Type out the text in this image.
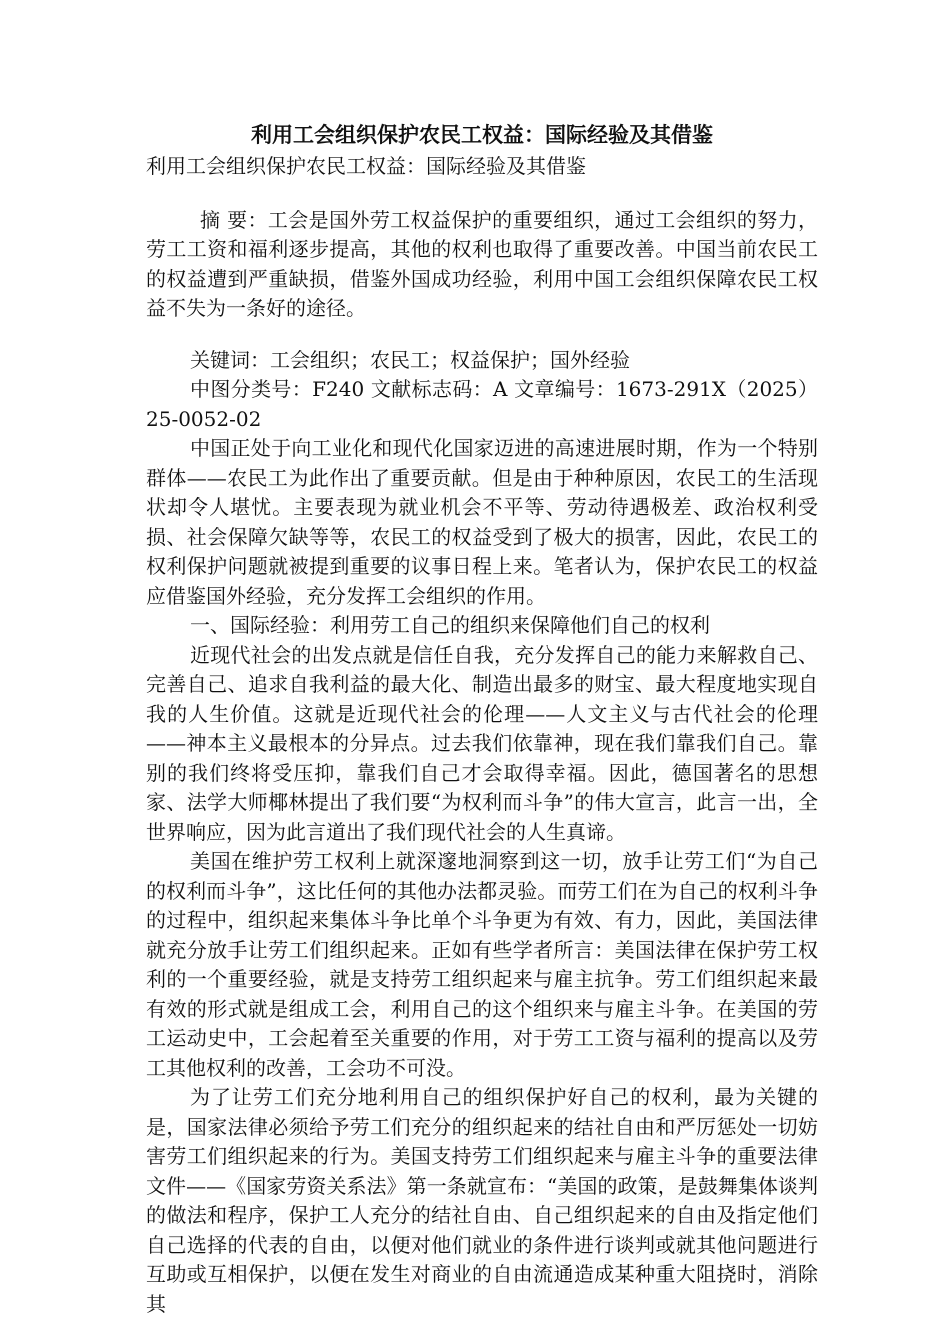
利用工会组织保护农民工权益：国际经验及其借鉴

利用工会组织保护农民工权益：国际经验及其借鉴

摘 要：工会是国外劳工权益保护的重要组织，通过工会组织的努力，劳工工资和福利逐步提高，其他的权利也取得了重要改善。中国当前农民工的权益遭到严重缺损，借鉴外国成功经验，利用中国工会组织保障农民工权益不失为一条好的途径。

关键词：工会组织；农民工；权益保护；国外经验

中图分类号：F240 文献标志码：A 文章编号：1673-291X（2025）25-0052-02

中国正处于向工业化和现代化国家迈进的高速进展时期，作为一个特别群体——农民工为此作出了重要贡献。但是由于种种原因，农民工的生活现状却令人堪忧。主要表现为就业机会不平等、劳动待遇极差、政治权利受损、社会保障欠缺等等，农民工的权益受到了极大的损害，因此，农民工的权利保护问题就被提到重要的议事日程上来。笔者认为，保护农民工的权益应借鉴国外经验，充分发挥工会组织的作用。

一、国际经验：利用劳工自己的组织来保障他们自己的权利

近现代社会的出发点就是信任自我，充分发挥自己的能力来解救自己、完善自己、追求自我利益的最大化、制造出最多的财宝、最大程度地实现自我的人生价值。这就是近现代社会的伦理——人文主义与古代社会的伦理——神本主义最根本的分异点。过去我们依靠神，现在我们靠我们自己。靠别的我们终将受压抑，靠我们自己才会取得幸福。因此，德国著名的思想家、法学大师椰林提出了我们要“为权利而斗争”的伟大宣言，此言一出，全世界响应，因为此言道出了我们现代社会的人生真谛。

美国在维护劳工权利上就深邃地洞察到这一切，放手让劳工们“为自己的权利而斗争”，这比任何的其他办法都灵验。而劳工们在为自己的权利斗争的过程中，组织起来集体斗争比单个斗争更为有效、有力，因此，美国法律就充分放手让劳工们组织起来。正如有些学者所言：美国法律在保护劳工权利的一个重要经验，就是支持劳工组织起来与雇主抗争。劳工们组织起来最有效的形式就是组成工会，利用自己的这个组织来与雇主斗争。在美国的劳工运动史中，工会起着至关重要的作用，对于劳工工资与福利的提高以及劳工其他权利的改善，工会功不可没。

为了让劳工们充分地利用自己的组织保护好自己的权利，最为关键的是，国家法律必须给予劳工们充分的组织起来的结社自由和严厉惩处一切妨害劳工们组织起来的行为。美国支持劳工们组织起来与雇主斗争的重要法律文件——《国家劳资关系法》第一条就宣布：“美国的政策，是鼓舞集体谈判的做法和程序，保护工人充分的结社自由、自己组织起来的自由及指定他们自己选择的代表的自由，以便对他们就业的条件进行谈判或就其他问题进行互助或互相保护，以便在发生对商业的自由流通造成某种重大阻挠时，消除其
